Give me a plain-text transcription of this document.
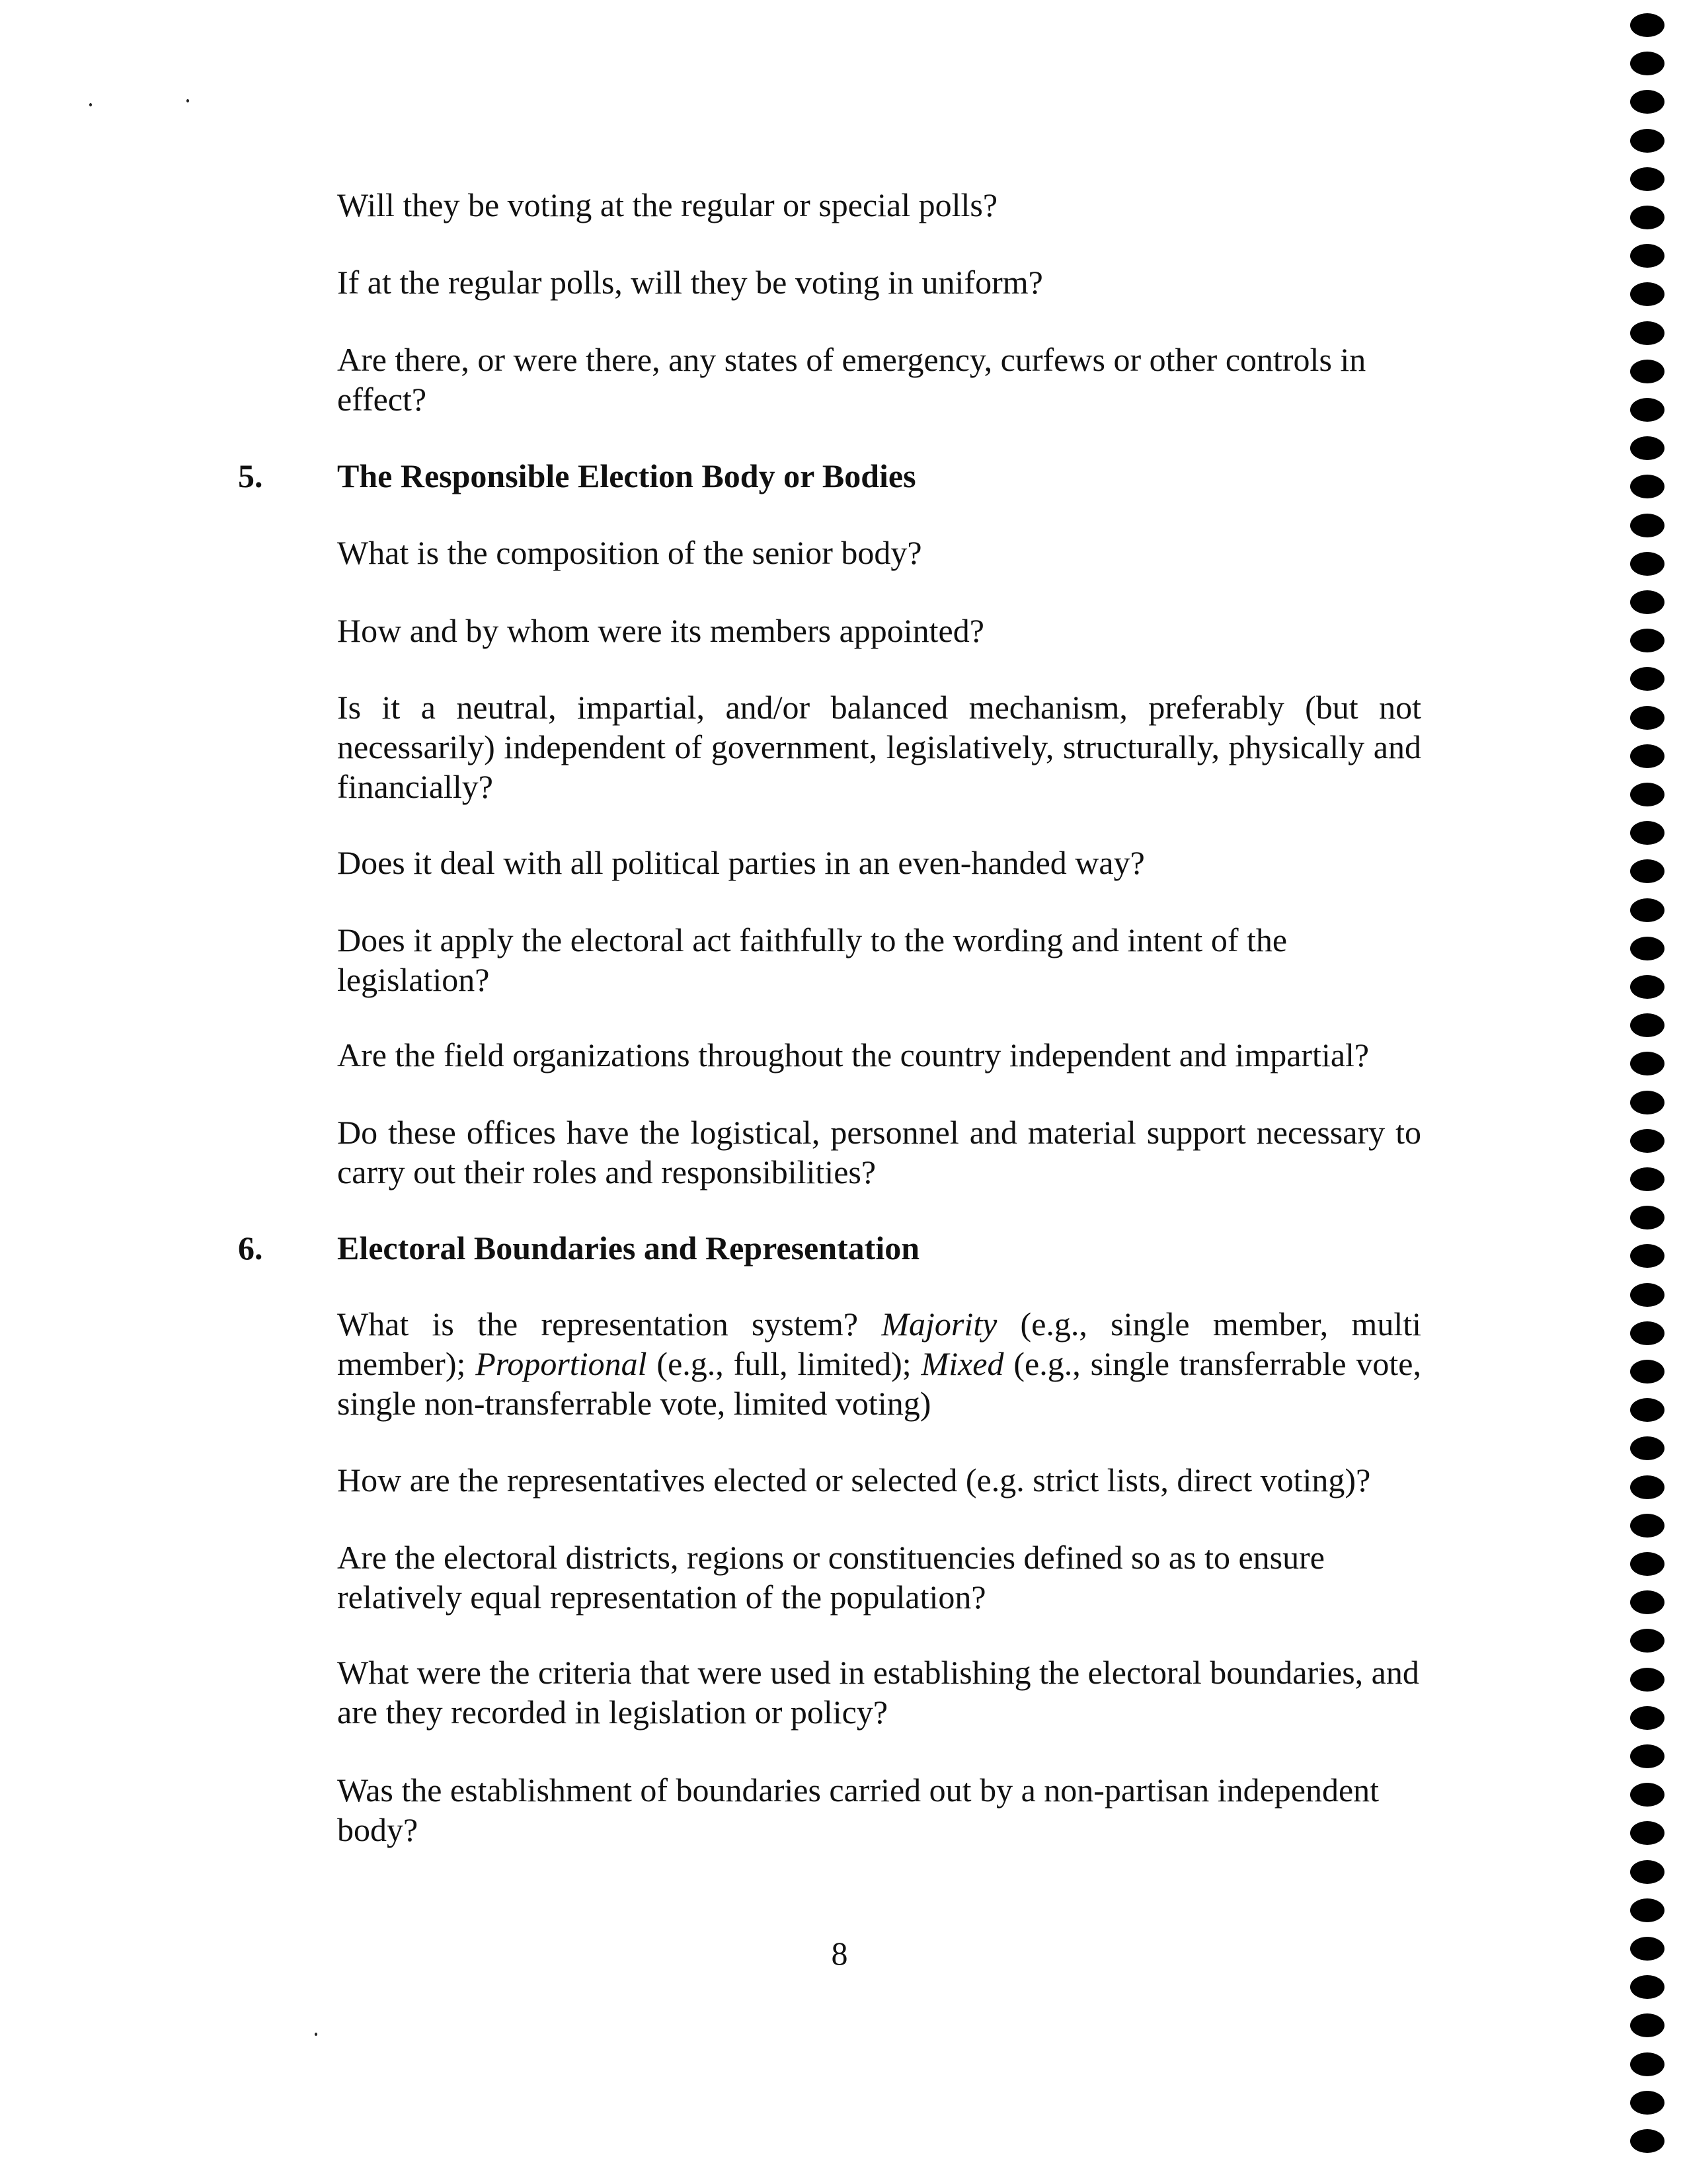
Will they be voting at the regular or special polls?

If at the regular polls, will they be voting in uniform?

Are there, or were there, any states of emergency, curfews or other controls in effect?

5. The Responsible Election Body or Bodies

What is the composition of the senior body?

How and by whom were its members appointed?

Is it a neutral, impartial, and/or balanced mechanism, preferably (but not necessarily) independent of government, legislatively, structurally, physically and financially?

Does it deal with all political parties in an even-handed way?

Does it apply the electoral act faithfully to the wording and intent of the legislation?

Are the field organizations throughout the country independent and impartial?

Do these offices have the logistical, personnel and material support necessary to carry out their roles and responsibilities?

6. Electoral Boundaries and Representation

What is the representation system? Majority (e.g., single member, multi member); Proportional (e.g., full, limited); Mixed (e.g., single transferrable vote, single non-transferrable vote, limited voting)

How are the representatives elected or selected (e.g. strict lists, direct voting)?

Are the electoral districts, regions or constituencies defined so as to ensure relatively equal representation of the population?

What were the criteria that were used in establishing the electoral boundaries, and are they recorded in legislation or policy?

Was the establishment of boundaries carried out by a non-partisan independent body?

8
